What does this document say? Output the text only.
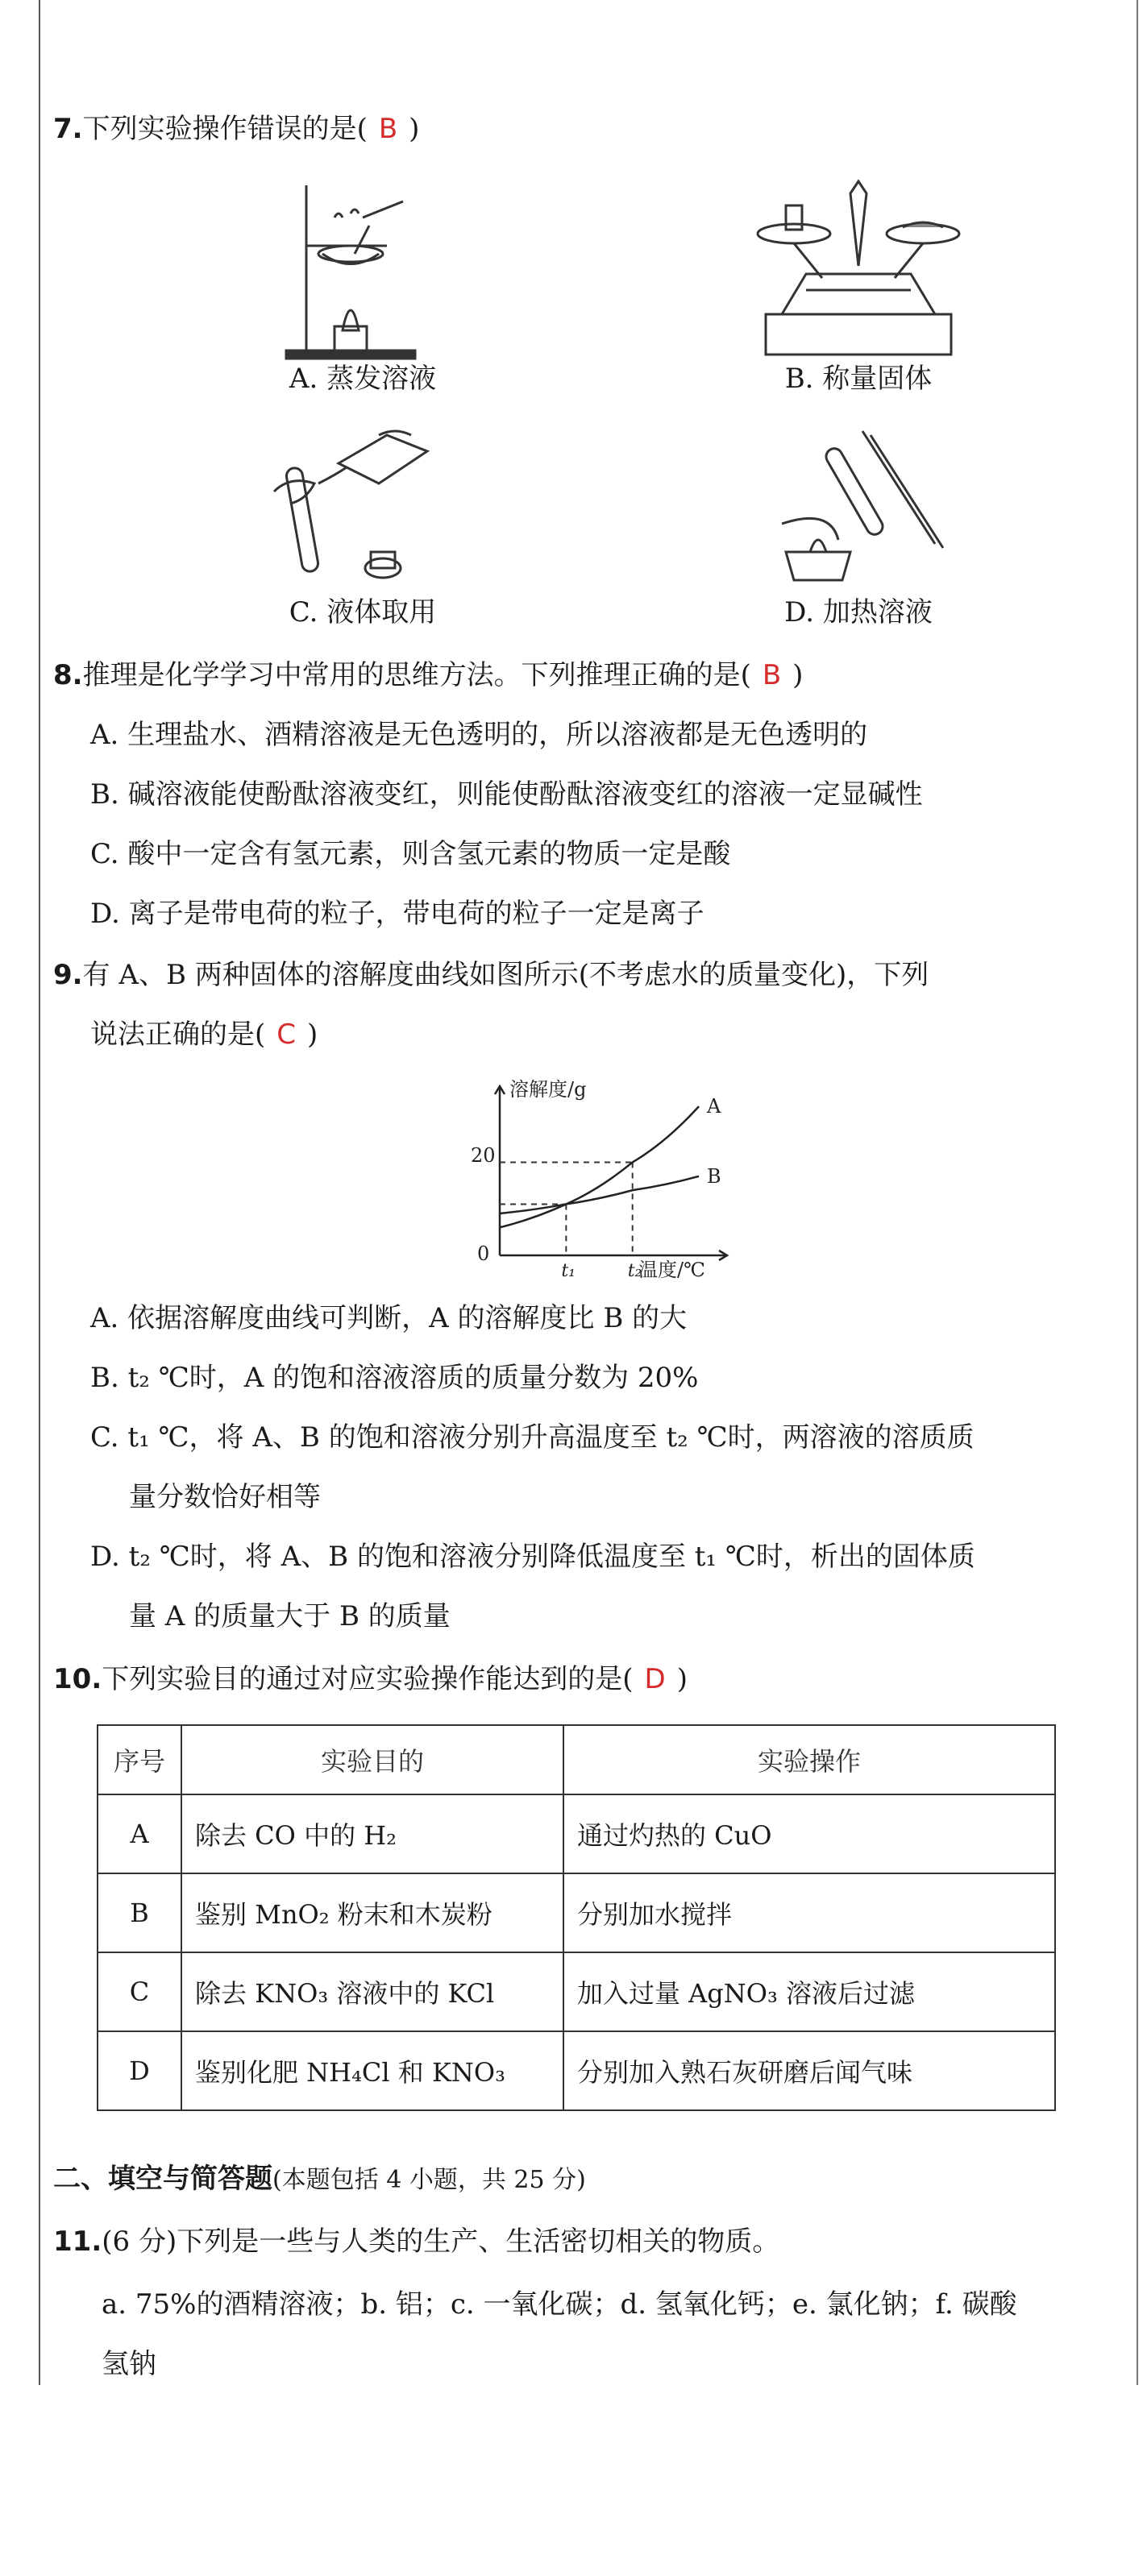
7.下列实验操作错误的是( B )
A. 蒸发溶液	B. 称量固体
C. 液体取用	D. 加热溶液
8.推理是化学学习中常用的思维方法。下列推理正确的是( B )
A. 生理盐水、酒精溶液是无色透明的，所以溶液都是无色透明的
B. 碱溶液能使酚酞溶液变红，则能使酚酞溶液变红的溶液一定显碱性
C. 酸中一定含有氢元素，则含氢元素的物质一定是酸
D. 离子是带电荷的粒子，带电荷的粒子一定是离子
9.有 A、B 两种固体的溶解度曲线如图所示(不考虑水的质量变化)，下列
说法正确的是( C )
溶解度/g
温度/℃
0
20
t₁	t₂
A
B
A. 依据溶解度曲线可判断，A 的溶解度比 B 的大
B. t₂ ℃时，A 的饱和溶液溶质的质量分数为 20%
C. t₁ ℃，将 A、B 的饱和溶液分别升高温度至 t₂ ℃时，两溶液的溶质质
量分数恰好相等
D. t₂ ℃时，将 A、B 的饱和溶液分别降低温度至 t₁ ℃时，析出的固体质
量 A 的质量大于 B 的质量
10.下列实验目的通过对应实验操作能达到的是( D )
序号	实验目的	实验操作
A	除去 CO 中的 H₂	通过灼热的 CuO
B	鉴别 MnO₂ 粉末和木炭粉	分别加水搅拌
C	除去 KNO₃ 溶液中的 KCl	加入过量 AgNO₃ 溶液后过滤
D	鉴别化肥 NH₄Cl 和 KNO₃	分别加入熟石灰研磨后闻气味
二、填空与简答题(本题包括 4 小题，共 25 分)
11.(6 分)下列是一些与人类的生产、生活密切相关的物质。
a. 75%的酒精溶液；b. 铝；c. 一氧化碳；d. 氢氧化钙；e. 氯化钠；f. 碳酸
氢钠
